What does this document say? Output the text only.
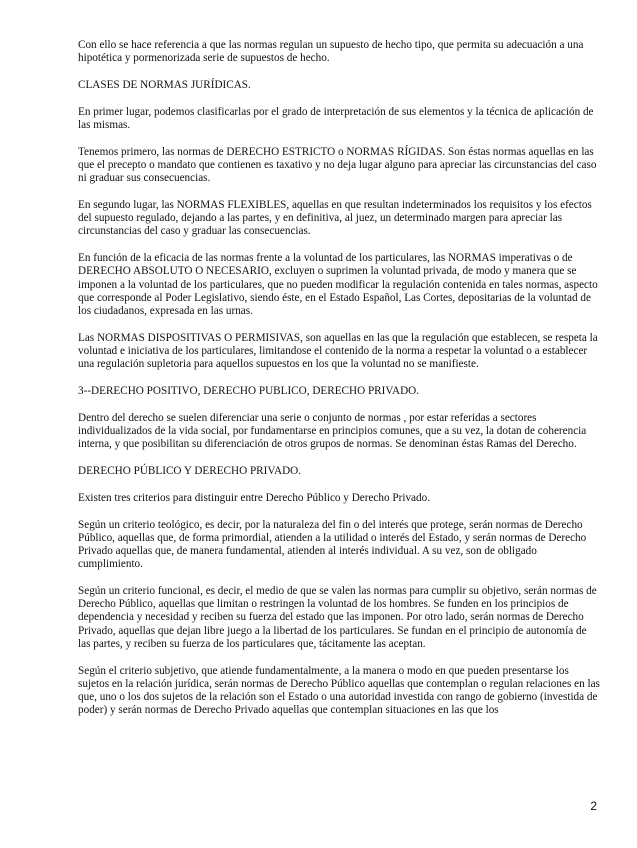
Con ello se hace referencia a que las normas regulan un supuesto de hecho tipo, que permita su adecuación a una hipotética y pormenorizada serie de supuestos de hecho.

CLASES DE NORMAS JURÍDICAS.

En primer lugar, podemos clasificarlas por el grado de interpretación de sus elementos y la técnica de aplicación de las mismas.

Tenemos primero, las normas de DERECHO ESTRICTO o NORMAS RÍGIDAS. Son éstas normas aquellas en las que el precepto o mandato que contienen es taxativo y no deja lugar alguno para apreciar las circunstancias del caso ni graduar sus consecuencias.

En segundo lugar, las NORMAS FLEXIBLES, aquellas en que resultan indeterminados los requisitos y los efectos del supuesto regulado, dejando a las partes, y en definitiva, al juez, un determinado margen para apreciar las circunstancias del caso y graduar las consecuencias.

En función de la eficacia de las normas frente a la voluntad de los particulares, las NORMAS imperativas o de DERECHO ABSOLUTO O NECESARIO, excluyen o suprimen la voluntad privada, de modo y manera que se imponen a la voluntad de los particulares, que no pueden modificar la regulación contenida en tales normas, aspecto que corresponde al Poder Legislativo, siendo éste, en el Estado Español, Las Cortes, depositarias de la voluntad de los ciudadanos, expresada en las urnas.

Las NORMAS DISPOSITIVAS O PERMISIVAS, son aquellas en las que la regulación que establecen, se respeta la voluntad e iniciativa de los particulares, limitandose el contenido de la norma a respetar la voluntad o a establecer una regulación supletoria para aquellos supuestos en los que la voluntad no se manifieste.

3--DERECHO POSITIVO, DERECHO PUBLICO, DERECHO PRIVADO.

Dentro del derecho se suelen diferenciar una serie o conjunto de normas , por estar referidas a sectores individualizados de la vida social, por fundamentarse en principios comunes, que a su vez, la dotan de coherencia interna, y que posibilitan su diferenciación de otros grupos de normas. Se denominan éstas Ramas del Derecho.

DERECHO PÚBLICO Y DERECHO PRIVADO.

Existen tres criterios para distinguir entre Derecho Público y Derecho Privado.

Según un criterio teológico, es decir, por la naturaleza del fin o del interés que protege, serán normas de Derecho Público, aquellas que, de forma primordial, atienden a la utilidad o interés del Estado, y serán normas de Derecho Privado aquellas que, de manera fundamental, atienden al interés individual. A su vez, son de obligado cumplimiento.

Según un criterio funcional, es decir, el medio de que se valen las normas para cumplir su objetivo, serán normas de Derecho Público, aquellas que limitan o restringen la voluntad de los hombres. Se funden en los principios de dependencia y necesidad y reciben su fuerza del estado que las imponen. Por otro lado, serán normas de Derecho Privado, aquellas que dejan libre juego a la libertad de los particulares. Se fundan en el principio de autonomía de las partes, y reciben su fuerza de los particulares que, tácitamente las aceptan.

Según el criterio subjetivo, que atiende fundamentalmente, a la manera o modo en que pueden presentarse los sujetos en la relación jurídica, serán normas de Derecho Público aquellas que contemplan o regulan relaciones en las que, uno o los dos sujetos de la relación son el Estado o una autoridad investida con rango de gobierno (investida de poder) y serán normas de Derecho Privado aquellas que contemplan situaciones en las que los

2
